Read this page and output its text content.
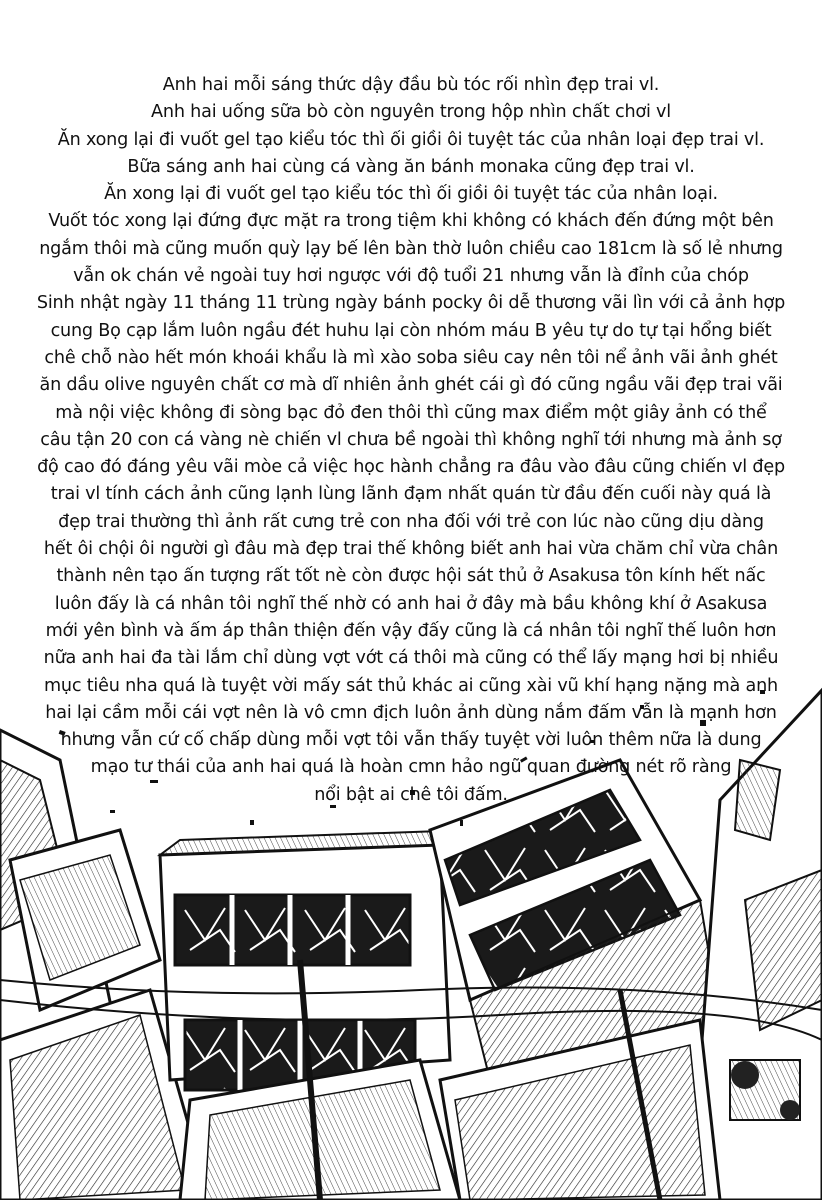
Anh hai mỗi sáng thức dậy đầu bù tóc rối nhìn đẹp trai vl.
Anh hai uống sữa bò còn nguyên trong hộp nhìn chất chơi vl
Ăn xong lại đi vuốt gel tạo kiểu tóc thì ối giồi ôi tuyệt tác của nhân loại đẹp trai vl.
Bữa sáng anh hai cùng cá vàng ăn bánh monaka cũng đẹp trai vl.
Ăn xong lại đi vuốt gel tạo kiểu tóc thì ối giồi ôi tuyệt tác của nhân loại.
Vuốt tóc xong lại đứng đực mặt ra trong tiệm khi không có khách đến đứng một bên
ngắm thôi mà cũng muốn quỳ lạy bế lên bàn thờ luôn chiều cao 181cm là số lẻ nhưng
vẫn ok chán vẻ ngoài tuy hơi ngược với độ tuổi 21 nhưng vẫn là đỉnh của chóp
Sinh nhật ngày 11 tháng 11 trùng ngày bánh pocky ôi dễ thương vãi lìn với cả ảnh hợp
cung Bọ cạp lắm luôn ngầu đét huhu lại còn nhóm máu B yêu tự do tự tại hổng biết
chê chỗ nào hết món khoái khẩu là mì xào soba siêu cay nên tôi nể ảnh vãi ảnh ghét
ăn dầu olive nguyên chất cơ mà dĩ nhiên ảnh ghét cái gì đó cũng ngầu vãi đẹp trai vãi
mà nội việc không đi sòng bạc đỏ đen thôi thì cũng max điểm một giây ảnh có thể
câu tận 20 con cá vàng nè chiến vl chưa bề ngoài thì không nghĩ tới nhưng mà ảnh sợ
độ cao đó đáng yêu vãi mòe cả việc học hành chẳng ra đâu vào đâu cũng chiến vl đẹp
trai vl tính cách ảnh cũng lạnh lùng lãnh đạm nhất quán từ đầu đến cuối này quá là
đẹp trai thường thì ảnh rất cưng trẻ con nha đối với trẻ con lúc nào cũng dịu dàng
hết ôi chội ôi người gì đâu mà đẹp trai thế không biết anh hai vừa chăm chỉ vừa chân
thành nên tạo ấn tượng rất tốt nè còn được hội sát thủ ở Asakusa tôn kính hết nấc
luôn đấy là cá nhân tôi nghĩ thế nhờ có anh hai ở đây mà bầu không khí ở Asakusa
mới yên bình và ấm áp thân thiện đến vậy đấy cũng là cá nhân tôi nghĩ thế luôn hơn
nữa anh hai đa tài lắm chỉ dùng vợt vớt cá thôi mà cũng có thể lấy mạng hơi bị nhiều
mục tiêu nha quá là tuyệt vời mấy sát thủ khác ai cũng xài vũ khí hạng nặng mà anh
hai lại cầm mỗi cái vợt nên là vô cmn địch luôn ảnh dùng nắm đấm vẫn là mạnh hơn
nhưng vẫn cứ cố chấp dùng mỗi vợt tôi vẫn thấy tuyệt vời luôn thêm nữa là dung
mạo tư thái của anh hai quá là hoàn cmn hảo ngũ quan đường nét rõ ràng
nổi bật ai chê tôi đấm.
